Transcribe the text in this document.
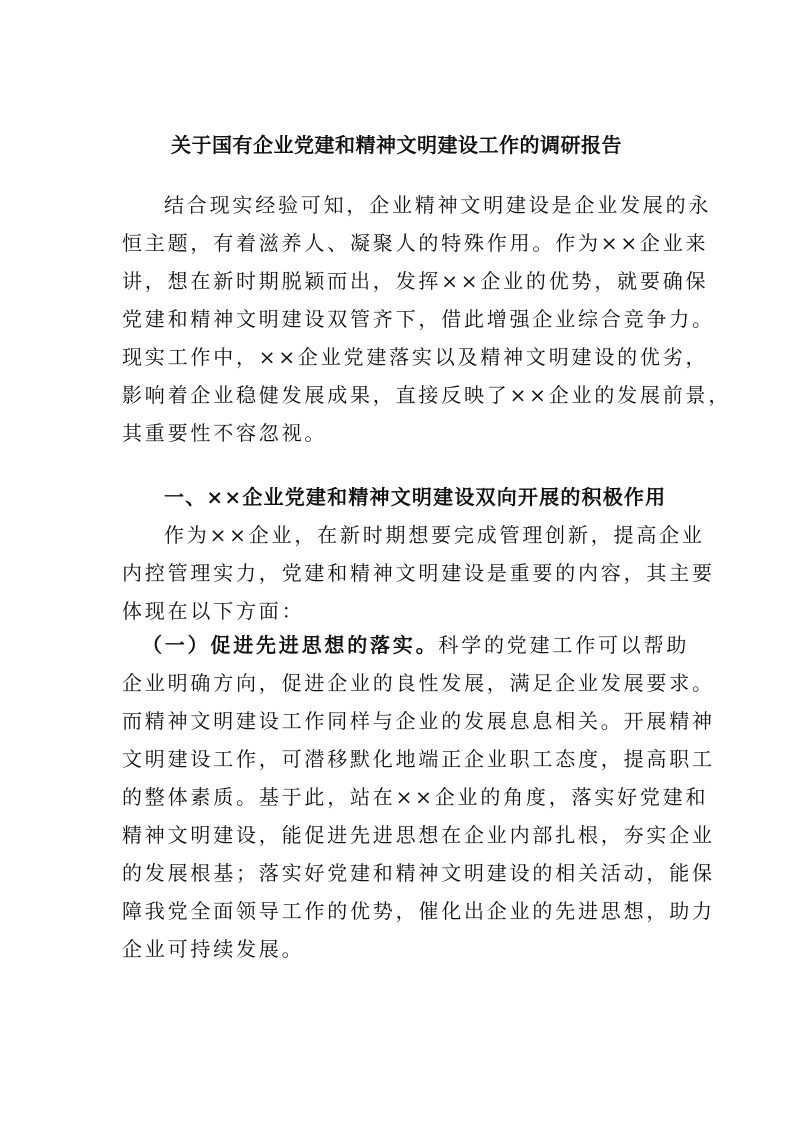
关于国有企业党建和精神文明建设工作的调研报告
结合现实经验可知，企业精神文明建设是企业发展的永
恒主题，有着滋养人、凝聚人的特殊作用。作为××企业来
讲，想在新时期脱颖而出，发挥××企业的优势，就要确保
党建和精神文明建设双管齐下，借此增强企业综合竞争力。
现实工作中，××企业党建落实以及精神文明建设的优劣，
影响着企业稳健发展成果，直接反映了××企业的发展前景，
其重要性不容忽视。
一、××企业党建和精神文明建设双向开展的积极作用
作为××企业，在新时期想要完成管理创新，提高企业
内控管理实力，党建和精神文明建设是重要的内容，其主要
体现在以下方面：
（一）促进先进思想的落实。科学的党建工作可以帮助
企业明确方向，促进企业的良性发展，满足企业发展要求。
而精神文明建设工作同样与企业的发展息息相关。开展精神
文明建设工作，可潜移默化地端正企业职工态度，提高职工
的整体素质。基于此，站在××企业的角度，落实好党建和
精神文明建设，能促进先进思想在企业内部扎根，夯实企业
的发展根基；落实好党建和精神文明建设的相关活动，能保
障我党全面领导工作的优势，催化出企业的先进思想，助力
企业可持续发展。
